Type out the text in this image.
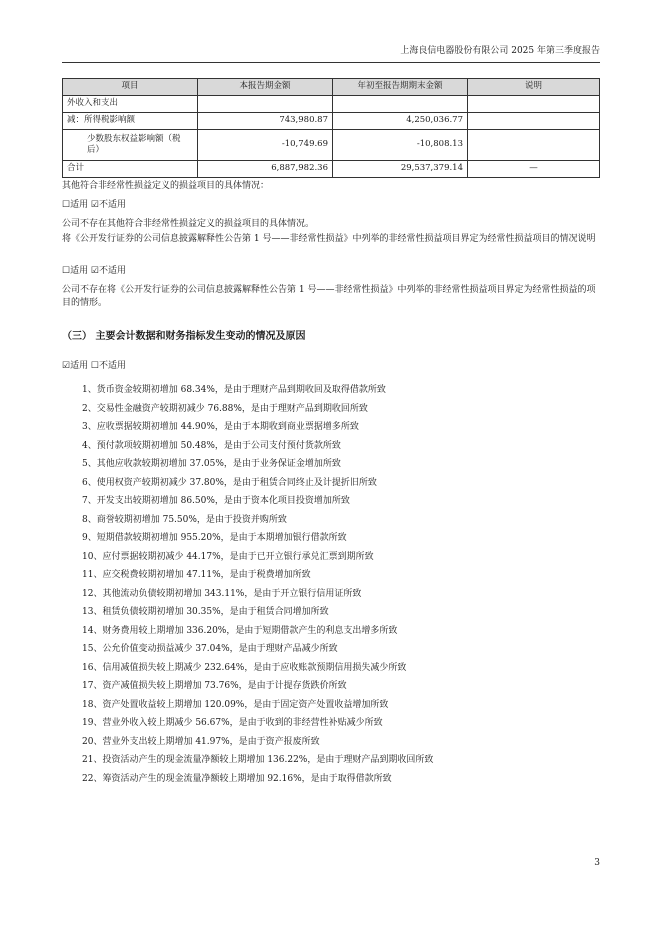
上海良信电器股份有限公司 2025 年第三季度报告
项目	本报告期金额	年初至报告期期末金额	说明
外收入和支出			
减：所得税影响额	743,980.87	4,250,036.77	
少数股东权益影响额（税后）	-10,749.69	-10,808.13	
合计	6,887,982.36	29,537,379.14	—
其他符合非经常性损益定义的损益项目的具体情况：
☐适用 ☑不适用
公司不存在其他符合非经常性损益定义的损益项目的具体情况。
将《公开发行证券的公司信息披露解释性公告第 1 号——非经常性损益》中列举的非经常性损益项目界定为经常性损益项目的情况说明
☐适用 ☑不适用
公司不存在将《公开发行证券的公司信息披露解释性公告第 1 号——非经常性损益》中列举的非经常性损益项目界定为经常性损益的项目的情形。
（三） 主要会计数据和财务指标发生变动的情况及原因
☑适用 ☐不适用
1、货币资金较期初增加 68.34%，是由于理财产品到期收回及取得借款所致
2、交易性金融资产较期初减少 76.88%，是由于理财产品到期收回所致
3、应收票据较期初增加 44.90%，是由于本期收到商业票据增多所致
4、预付款项较期初增加 50.48%，是由于公司支付预付货款所致
5、其他应收款较期初增加 37.05%，是由于业务保证金增加所致
6、使用权资产较期初减少 37.80%，是由于租赁合同终止及计提折旧所致
7、开发支出较期初增加 86.50%，是由于资本化项目投资增加所致
8、商誉较期初增加 75.50%，是由于投资并购所致
9、短期借款较期初增加 955.20%，是由于本期增加银行借款所致
10、应付票据较期初减少 44.17%，是由于已开立银行承兑汇票到期所致
11、应交税费较期初增加 47.11%，是由于税费增加所致
12、其他流动负债较期初增加 343.11%，是由于开立银行信用证所致
13、租赁负债较期初增加 30.35%，是由于租赁合同增加所致
14、财务费用较上期增加 336.20%，是由于短期借款产生的利息支出增多所致
15、公允价值变动损益减少 37.04%，是由于理财产品减少所致
16、信用减值损失较上期减少 232.64%，是由于应收账款预期信用损失减少所致
17、资产减值损失较上期增加 73.76%，是由于计提存货跌价所致
18、资产处置收益较上期增加 120.09%，是由于固定资产处置收益增加所致
19、营业外收入较上期减少 56.67%，是由于收到的非经营性补贴减少所致
20、营业外支出较上期增加 41.97%，是由于资产报废所致
21、投资活动产生的现金流量净额较上期增加 136.22%，是由于理财产品到期收回所致
22、筹资活动产生的现金流量净额较上期增加 92.16%，是由于取得借款所致
3
